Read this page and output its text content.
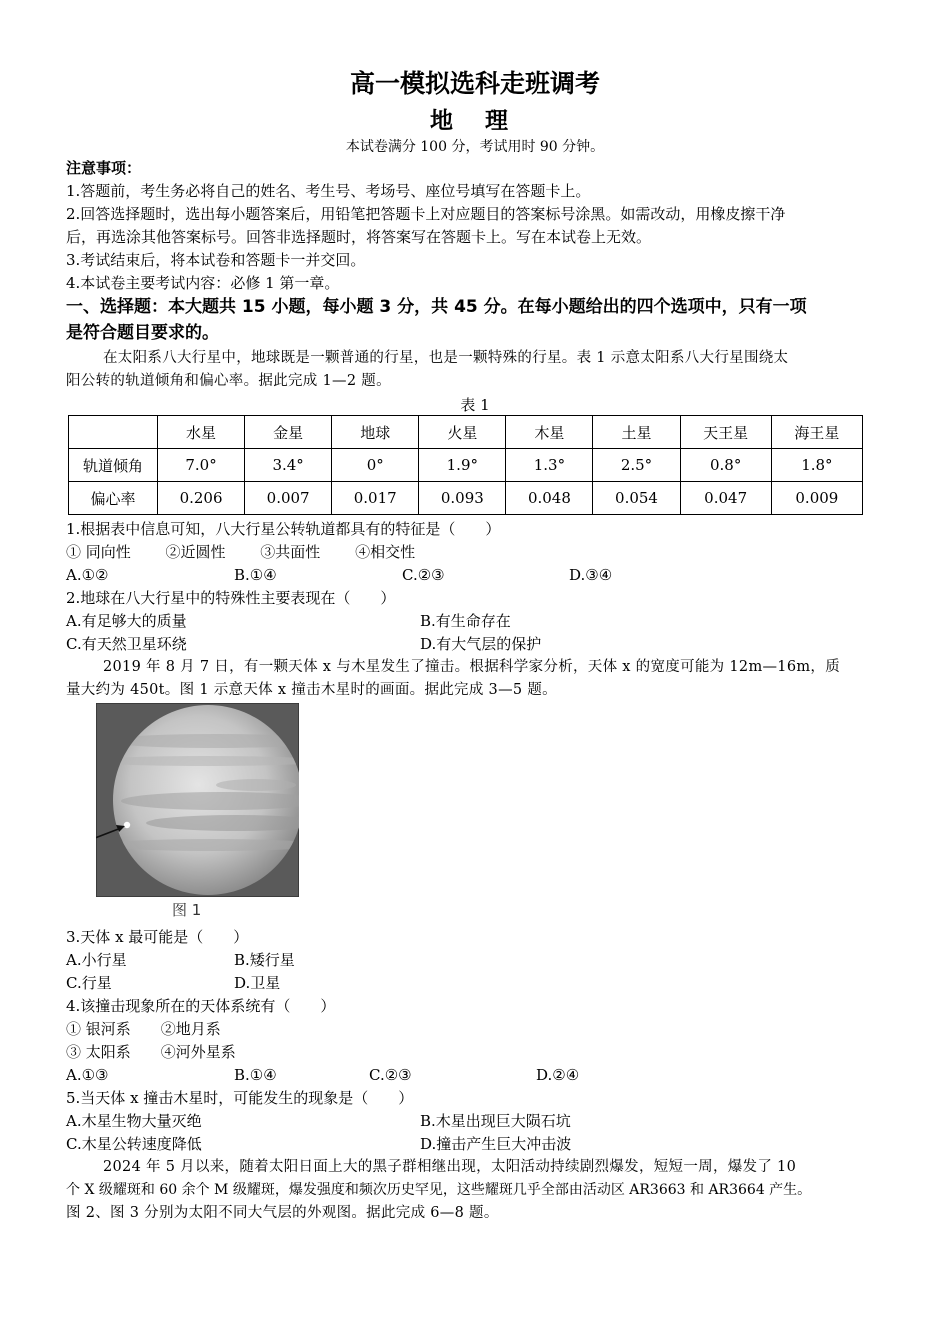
高一模拟选科走班调考
地 理
本试卷满分 100 分，考试用时 90 分钟。
注意事项：
1.答题前，考生务必将自己的姓名、考生号、考场号、座位号填写在答题卡上。
2.回答选择题时，选出每小题答案后，用铅笔把答题卡上对应题目的答案标号涂黑。如需改动，用橡皮擦干净
后，再选涂其他答案标号。回答非选择题时，将答案写在答题卡上。写在本试卷上无效。
3.考试结束后，将本试卷和答题卡一并交回。
4.本试卷主要考试内容：必修 1 第一章。
一、选择题：本大题共 15 小题，每小题 3 分，共 45 分。在每小题给出的四个选项中，只有一项
是符合题目要求的。
在太阳系八大行星中，地球既是一颗普通的行星，也是一颗特殊的行星。表 1 示意太阳系八大行星围绕太
阳公转的轨道倾角和偏心率。据此完成 1—2 题。
表 1
	水星	金星	地球	火星	木星	土星	天王星	海王星
轨道倾角	7.0°	3.4°	0°	1.9°	1.3°	2.5°	0.8°	1.8°
偏心率	0.206	0.007	0.017	0.093	0.048	0.054	0.047	0.009
1.根据表中信息可知，八大行星公转轨道都具有的特征是（　　）
① 同向性　　 ②近圆性　　 ③共面性　　 ④相交性
A.①②	B.①④	C.②③	D.③④
2.地球在八大行星中的特殊性主要表现在（　　）
A.有足够大的质量	B.有生命存在
C.有天然卫星环绕	D.有大气层的保护
2019 年 8 月 7 日，有一颗天体 x 与木星发生了撞击。根据科学家分析，天体 x 的宽度可能为 12m—16m，质
量大约为 450t。图 1 示意天体 x 撞击木星时的画面。据此完成 3—5 题。
图 1
3.天体 x 最可能是（　　）
A.小行星	B.矮行星
C.行星	D.卫星
4.该撞击现象所在的天体系统有（　　）
① 银河系　　②地月系
③ 太阳系　　④河外星系
A.①③	B.①④	C.②③	D.②④
5.当天体 x 撞击木星时，可能发生的现象是（　　）
A.木星生物大量灭绝	B.木星出现巨大陨石坑
C.木星公转速度降低	D.撞击产生巨大冲击波
2024 年 5 月以来，随着太阳日面上大的黑子群相继出现，太阳活动持续剧烈爆发，短短一周，爆发了 10
个 X 级耀斑和 60 余个 M 级耀斑，爆发强度和频次历史罕见，这些耀斑几乎全部由活动区 AR3663 和 AR3664 产生。
图 2、图 3 分别为太阳不同大气层的外观图。据此完成 6—8 题。
